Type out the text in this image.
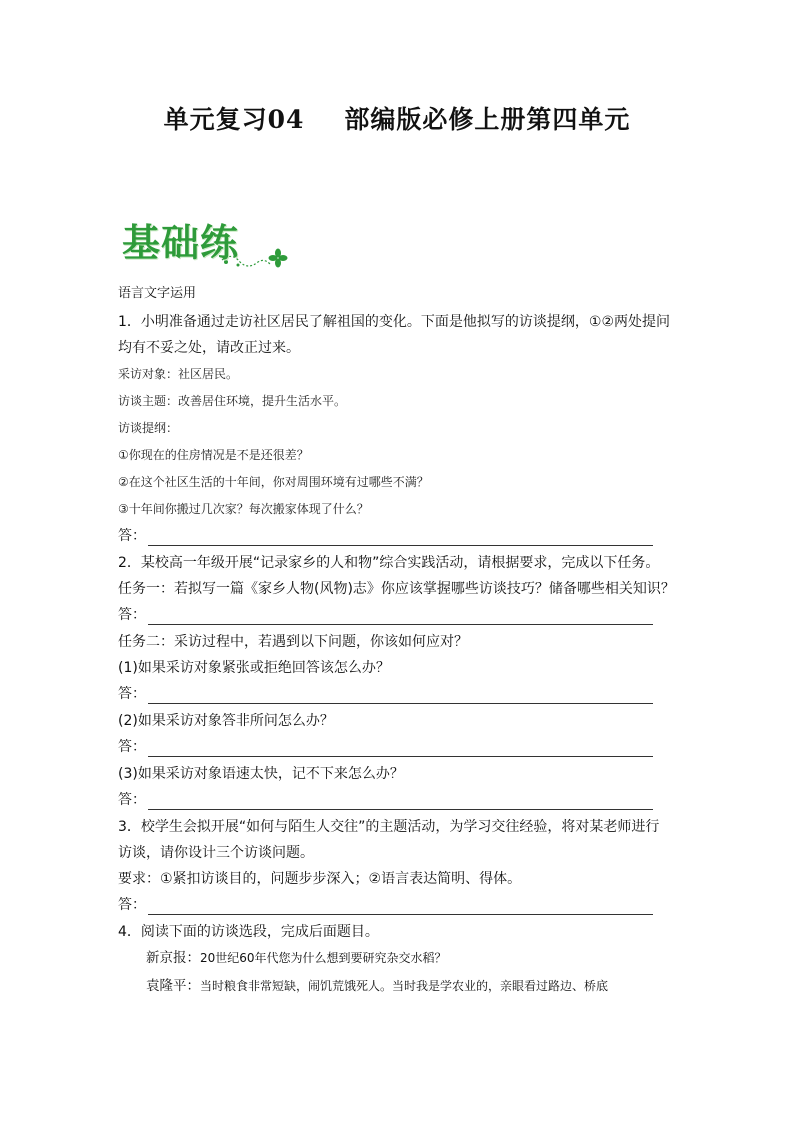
单元复习04 部编版必修上册第四单元
基础练
语言文字运用
1．小明准备通过走访社区居民了解祖国的变化。下面是他拟写的访谈提纲，①②两处提问
均有不妥之处，请改正过来。
采访对象：社区居民。
访谈主题：改善居住环境，提升生活水平。
访谈提纲：
①你现在的住房情况是不是还很差？
②在这个社区生活的十年间，你对周围环境有过哪些不满？
③十年间你搬过几次家？每次搬家体现了什么？
答：
2．某校高一年级开展“记录家乡的人和物”综合实践活动，请根据要求，完成以下任务。
任务一：若拟写一篇《家乡人物(风物)志》你应该掌握哪些访谈技巧？储备哪些相关知识？
答：
任务二：采访过程中，若遇到以下问题，你该如何应对？
(1)如果采访对象紧张或拒绝回答该怎么办？
答：
(2)如果采访对象答非所问怎么办？
答：
(3)如果采访对象语速太快，记不下来怎么办？
答：
3．校学生会拟开展“如何与陌生人交往”的主题活动，为学习交往经验，将对某老师进行
访谈，请你设计三个访谈问题。
要求：①紧扣访谈目的，问题步步深入；②语言表达简明、得体。
答：
4．阅读下面的访谈选段，完成后面题目。
新京报：20世纪60年代您为什么想到要研究杂交水稻？
袁隆平：当时粮食非常短缺，闹饥荒饿死人。当时我是学农业的，亲眼看过路边、桥底
